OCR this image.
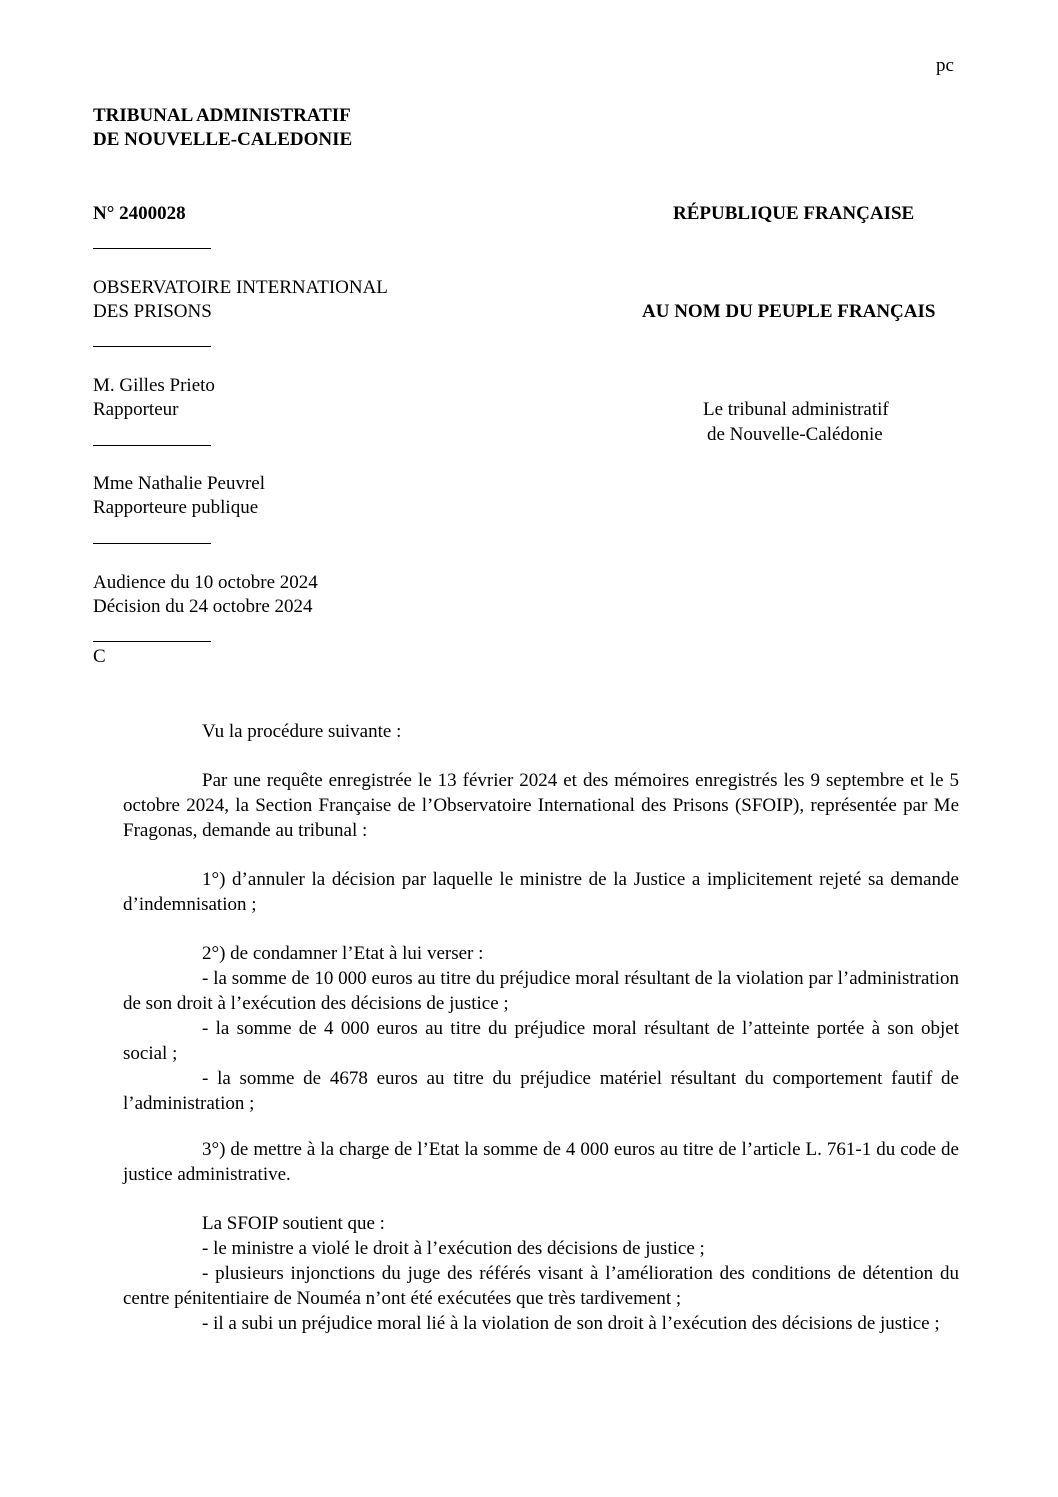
pc
TRIBUNAL ADMINISTRATIF
DE NOUVELLE-CALEDONIE
N° 2400028	RÉPUBLIQUE FRANÇAISE
OBSERVATOIRE INTERNATIONAL
DES PRISONS	AU NOM DU PEUPLE FRANÇAIS
M. Gilles Prieto
Rapporteur	Le tribunal administratif
de Nouvelle-Calédonie
Mme Nathalie Peuvrel
Rapporteure publique
Audience du 10 octobre 2024
Décision du 24 octobre 2024
C

Vu la procédure suivante :

Par une requête enregistrée le 13 février 2024 et des mémoires enregistrés les 9 septembre et le 5 octobre 2024, la Section Française de l’Observatoire International des Prisons (SFOIP), représentée par Me Fragonas, demande au tribunal :

1°) d’annuler la décision par laquelle le ministre de la Justice a implicitement rejeté sa demande d’indemnisation ;

2°) de condamner l’Etat à lui verser :

- la somme de 10 000 euros au titre du préjudice moral résultant de la violation par l’administration de son droit à l’exécution des décisions de justice ;

- la somme de 4 000 euros au titre du préjudice moral résultant de l’atteinte portée à son objet social ;

- la somme de 4678 euros au titre du préjudice matériel résultant du comportement fautif de l’administration ;

3°) de mettre à la charge de l’Etat la somme de 4 000 euros au titre de l’article L. 761-1 du code de justice administrative.

La SFOIP soutient que :

- le ministre a violé le droit à l’exécution des décisions de justice ;

- plusieurs injonctions du juge des référés visant à l’amélioration des conditions de détention du centre pénitentiaire de Nouméa n’ont été exécutées que très tardivement ;

- il a subi un préjudice moral lié à la violation de son droit à l’exécution des décisions de justice ;
